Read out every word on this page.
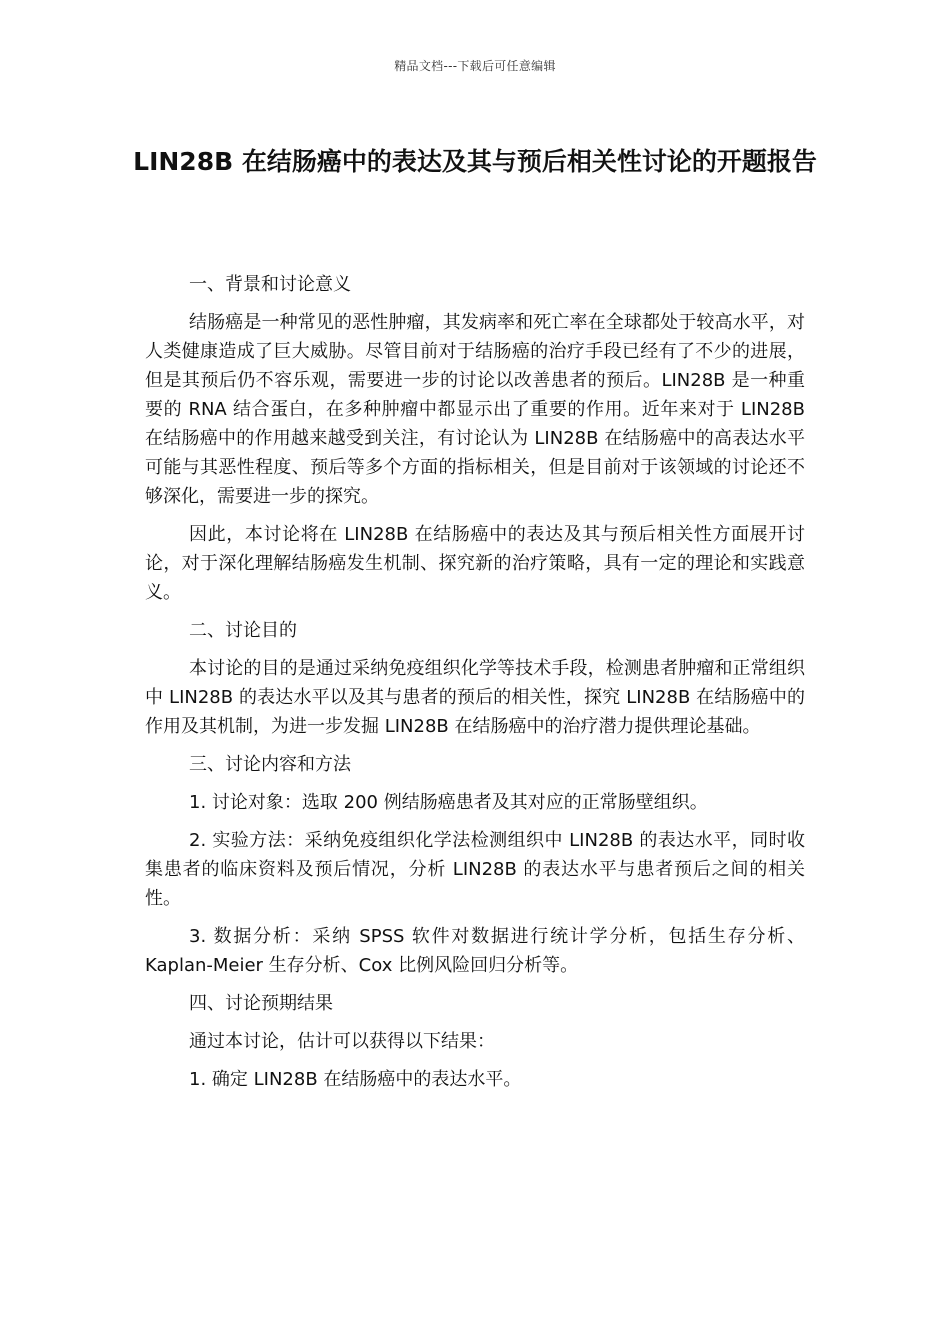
精品文档---下载后可任意编辑
LIN28B 在结肠癌中的表达及其与预后相关性讨论的开题报告

一、背景和讨论意义

结肠癌是一种常见的恶性肿瘤，其发病率和死亡率在全球都处于较高水平，对人类健康造成了巨大威胁。尽管目前对于结肠癌的治疗手段已经有了不少的进展，但是其预后仍不容乐观，需要进一步的讨论以改善患者的预后。LIN28B 是一种重要的 RNA 结合蛋白，在多种肿瘤中都显示出了重要的作用。近年来对于 LIN28B 在结肠癌中的作用越来越受到关注，有讨论认为 LIN28B 在结肠癌中的高表达水平可能与其恶性程度、预后等多个方面的指标相关，但是目前对于该领域的讨论还不够深化，需要进一步的探究。

因此，本讨论将在 LIN28B 在结肠癌中的表达及其与预后相关性方面展开讨论，对于深化理解结肠癌发生机制、探究新的治疗策略，具有一定的理论和实践意义。

二、讨论目的

本讨论的目的是通过采纳免疫组织化学等技术手段，检测患者肿瘤和正常组织中 LIN28B 的表达水平以及其与患者的预后的相关性，探究 LIN28B 在结肠癌中的作用及其机制，为进一步发掘 LIN28B 在结肠癌中的治疗潜力提供理论基础。

三、讨论内容和方法

1. 讨论对象：选取 200 例结肠癌患者及其对应的正常肠壁组织。

2. 实验方法：采纳免疫组织化学法检测组织中 LIN28B 的表达水平，同时收集患者的临床资料及预后情况，分析 LIN28B 的表达水平与患者预后之间的相关性。

3. 数据分析：采纳 SPSS 软件对数据进行统计学分析，包括生存分析、Kaplan-Meier 生存分析、Cox 比例风险回归分析等。

四、讨论预期结果

通过本讨论，估计可以获得以下结果：

1. 确定 LIN28B 在结肠癌中的表达水平。
